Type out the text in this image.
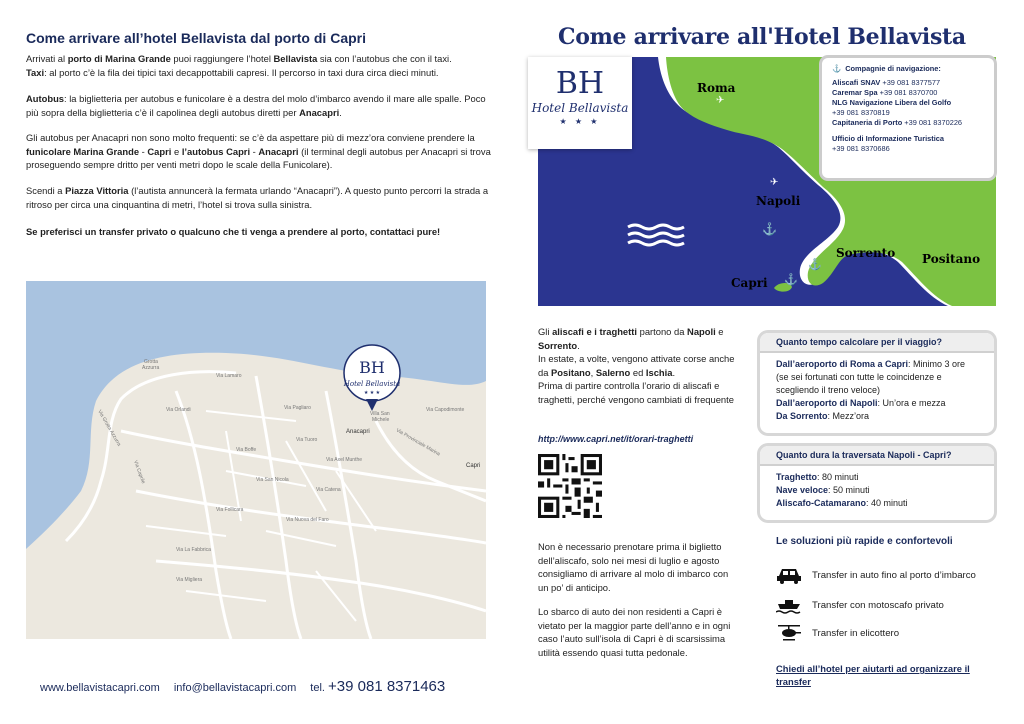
Come arrivare all’hotel Bellavista dal porto di Capri
Arrivati al porto di Marina Grande puoi raggiungere l’hotel Bellavista sia con l’autobus che con il taxi.
Taxi: al porto c’è la fila dei tipici taxi decappottabili capresi. Il percorso in taxi dura circa dieci minuti.
Autobus: la biglietteria per autobus e funicolare è a destra del molo d’imbarco avendo il mare alle spalle. Poco più sopra della biglietteria c’è il capolinea degli autobus diretti per Anacapri.
Gli autobus per Anacapri non sono molto frequenti: se c’è da aspettare più di mezz’ora conviene prendere la funicolare Marina Grande - Capri e l’autobus Capri - Anacapri (il terminal degli autobus per Anacapri si trova proseguendo sempre dritto per venti metri dopo le scale della Funicolare).
Scendi a Piazza Vittoria (l’autista annuncerà la fermata urlando “Anacapri”). A questo punto percorri la strada a ritroso per circa una cinquantina di metri, l’hotel si trova sulla sinistra.
Se preferisci un transfer privato o qualcuno che ti venga a prendere al porto, contattaci pure!
Grotta
Azzurra
Via Lamaro
Via Grotta Azzurra	Via Orlandi	Via Pagliaro
Via Caprile
Via Migliera
Via Tuoro
Via Axel Munthe
Via Capodimonte
Via Nuova del Faro
Via Follicara
Via La Fabbrica
Via Boffe
Via Catena
Via San Nicola
Villa San
Michele
Anacapri
Capri
Via Provinciale Marina
BH
Hotel Bellavista
★ ★ ★
www.bellavistacapri.com info@bellavistacapri.com tel. +39 081 8371463
Come arrivare all'Hotel Bellavista
✈
✈
⚓
⚓
⚓
Roma
Napoli
Sorrento Positano
Capri
BH
Hotel Bellavista
★ ★ ★
⚓ Compagnie di navigazione:
Aliscafi SNAV +39 081 8377577
Caremar Spa +39 081 8370700
NLG Navigazione Libera del Golfo
+39 081 8370819
Capitaneria di Porto +39 081 8370226
Ufficio di Informazione Turistica
+39 081 8370686
Gli aliscafi e i traghetti partono da Napoli e Sorrento.
In estate, a volte, vengono attivate corse anche da Positano, Salerno ed Ischia.
Prima di partire controlla l’orario di aliscafi e traghetti, perché vengono cambiati di frequente
http://www.capri.net/it/orari-traghetti
Non è necessario prenotare prima il biglietto dell’aliscafo, solo nei mesi di luglio e agosto consigliamo di arrivare al molo di imbarco con un po’ di anticipo.
Lo sbarco di auto dei non residenti a Capri è vietato per la maggior parte dell’anno e in ogni caso l’auto sull’isola di Capri è di scarsissima utilità essendo quasi tutta pedonale.
Quanto tempo calcolare per il viaggio?
Dall’aeroporto di Roma a Capri: Minimo 3 ore (se sei fortunati con tutte le coincidenze e scegliendo il treno veloce)
Dall’aeroporto di Napoli: Un’ora e mezza
Da Sorrento: Mezz’ora
Quanto dura la traversata Napoli - Capri?
Traghetto: 80 minuti
Nave veloce: 50 minuti
Aliscafo-Catamarano: 40 minuti
Le soluzioni più rapide e confortevoli
Transfer in auto fino al porto d’imbarco
Transfer con motoscafo privato
Transfer in elicottero
Chiedi all’hotel per aiutarti ad organizzare il transfer
